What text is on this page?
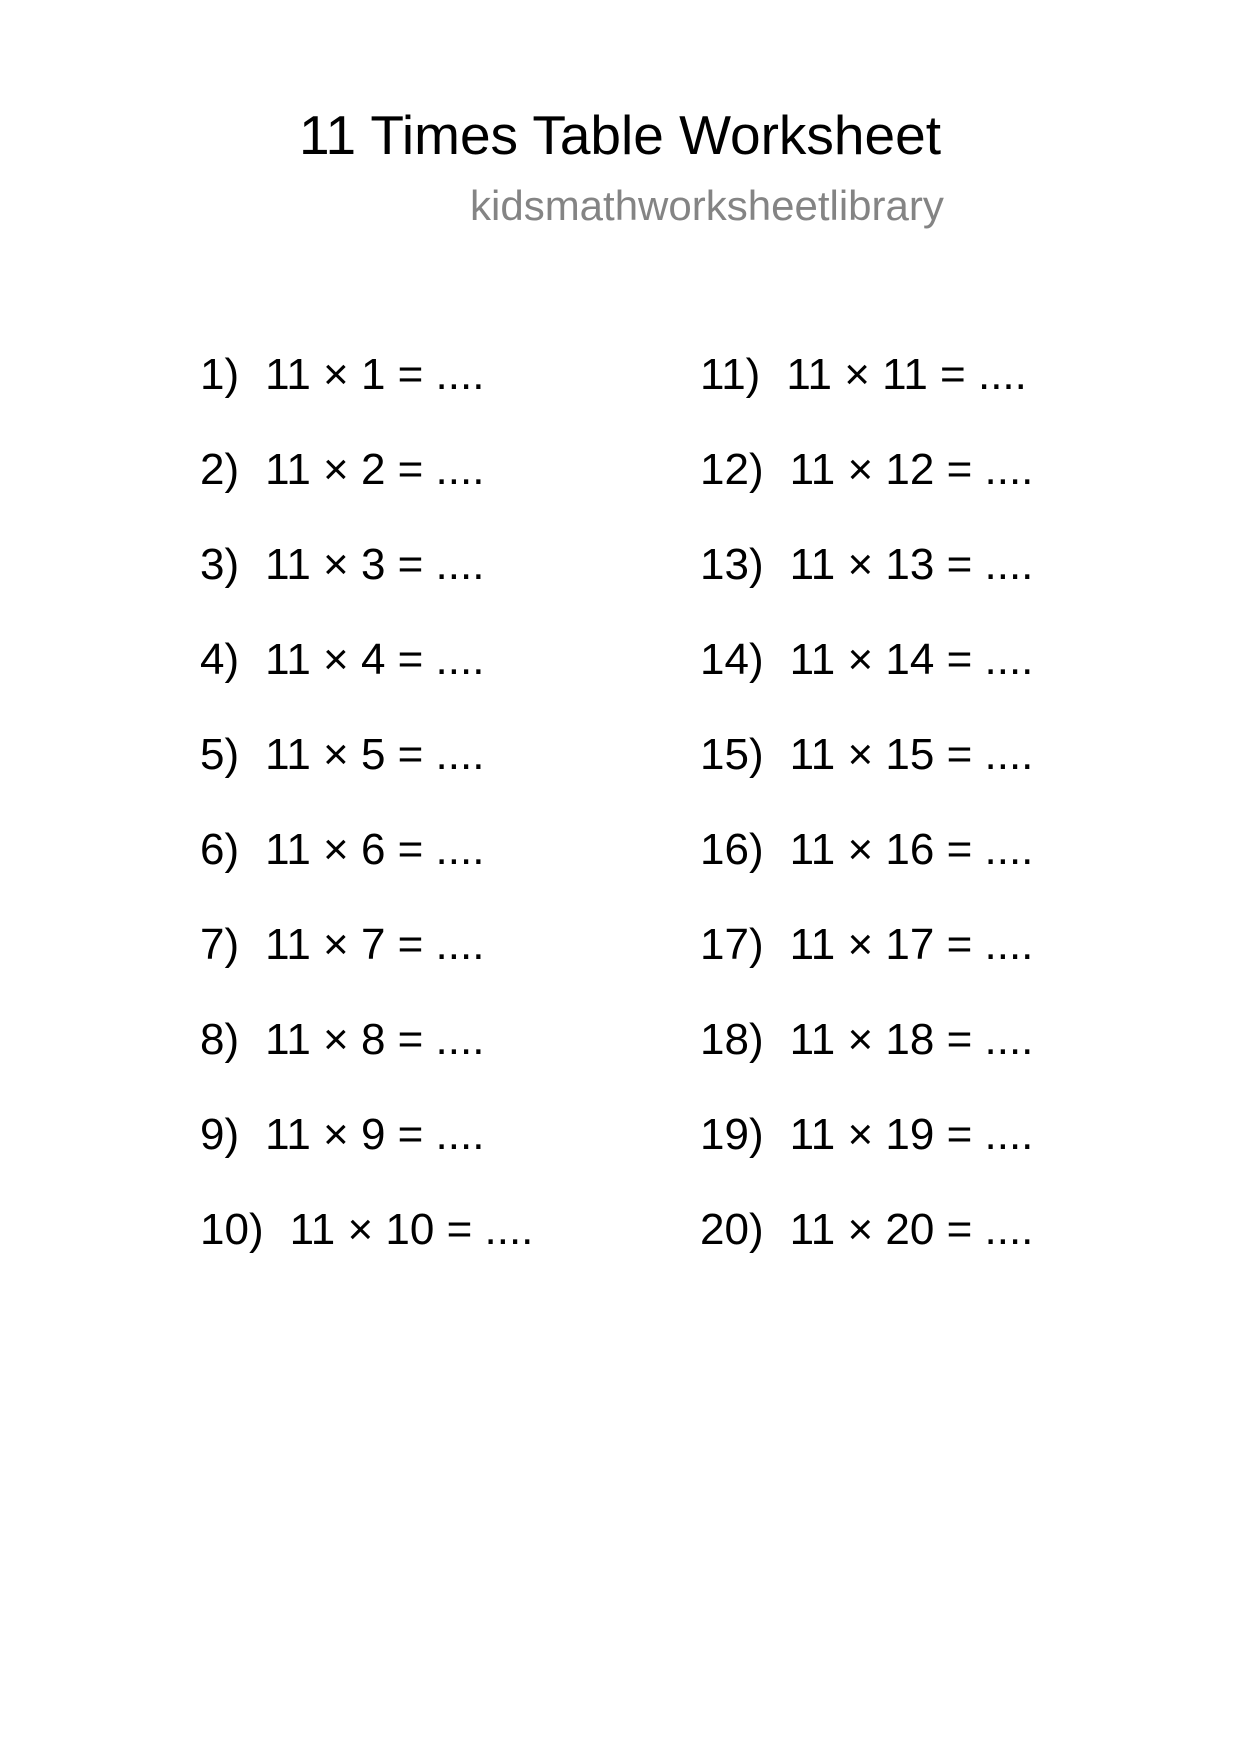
11 Times Table Worksheet
kidsmathworksheetlibrary
1) 11 × 1 = ....
2) 11 × 2 = ....
3) 11 × 3 = ....
4) 11 × 4 = ....
5) 11 × 5 = ....
6) 11 × 6 = ....
7) 11 × 7 = ....
8) 11 × 8 = ....
9) 11 × 9 = ....
10) 11 × 10 = ....
11) 11 × 11 = ....
12) 11 × 12 = ....
13) 11 × 13 = ....
14) 11 × 14 = ....
15) 11 × 15 = ....
16) 11 × 16 = ....
17) 11 × 17 = ....
18) 11 × 18 = ....
19) 11 × 19 = ....
20) 11 × 20 = ....
